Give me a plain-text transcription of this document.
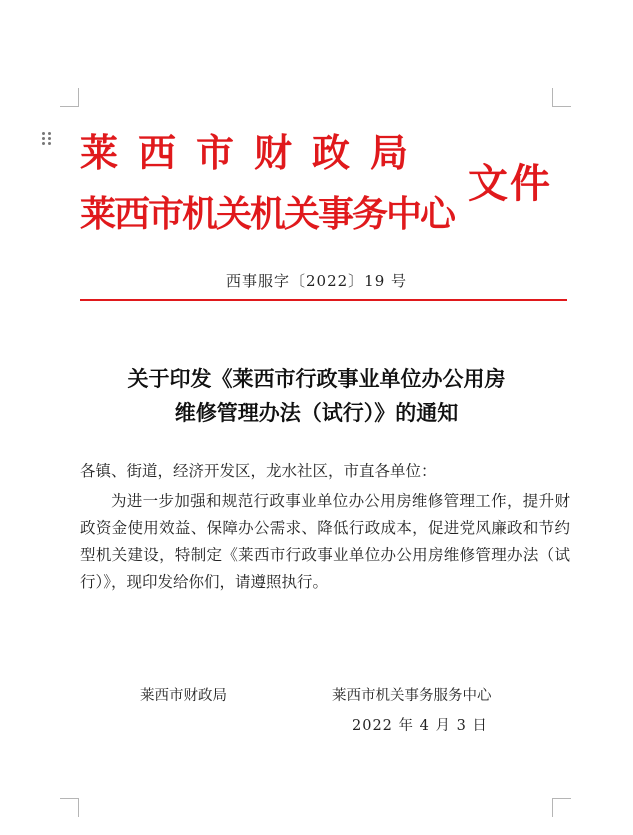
莱西市财政局
莱西市机关机关事务中心
文件
西事服字〔2022〕19 号
关于印发《莱西市行政事业单位办公用房
维修管理办法（试行）》的通知
各镇、街道，经济开发区，龙水社区，市直各单位：
为进一步加强和规范行政事业单位办公用房维修管理工作，提升财政资金使用效益、保障办公需求、降低行政成本，促进党风廉政和节约型机关建设，特制定《莱西市行政事业单位办公用房维修管理办法（试行）》，现印发给你们，请遵照执行。
莱西市财政局	莱西市机关事务服务中心
2022 年 4 月 3 日
